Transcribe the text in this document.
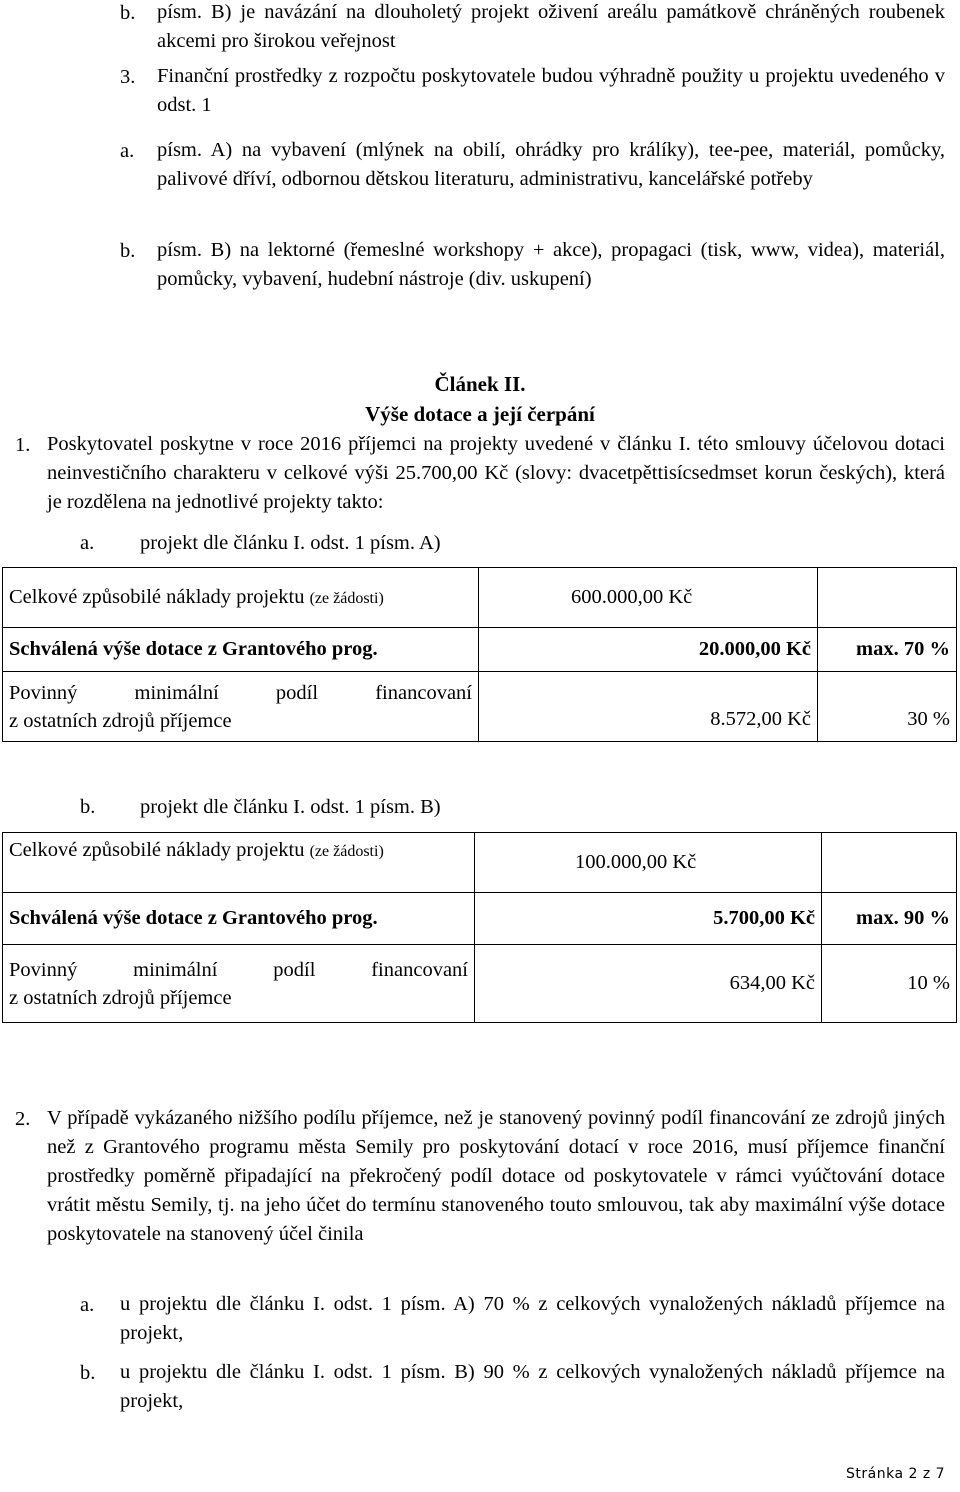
b. písm. B) je navázání na dlouholetý projekt oživení areálu památkově chráněných roubenek akcemi pro širokou veřejnost
3. Finanční prostředky z rozpočtu poskytovatele budou výhradně použity u projektu uvedeného v odst. 1
a. písm. A) na vybavení (mlýnek na obilí, ohrádky pro králíky), tee-pee, materiál, pomůcky, palivové dříví, odbornou dětskou literaturu, administrativu, kancelářské potřeby
b. písm. B) na lektorné (řemeslné workshopy + akce), propagaci (tisk, www, videa), materiál, pomůcky, vybavení, hudební nástroje (div. uskupení)
Článek II.
Výše dotace a její čerpání
1. Poskytovatel poskytne v roce 2016 příjemci na projekty uvedené v článku I. této smlouvy účelovou dotaci neinvestičního charakteru v celkové výši 25.700,00 Kč (slovy: dvacetpěttisícsedmset korun českých), která je rozdělena na jednotlivé projekty takto:
a. projekt dle článku I. odst. 1 písm. A)
Celkové způsobilé náklady projektu (ze žádosti)	600.000,00 Kč	
Schválená výše dotace z Grantového prog.	20.000,00 Kč	max. 70 %

Povinný minimální podíl financovaní
z ostatních zdrojů příjemce	8.572,00 Kč	30 %
b. projekt dle článku I. odst. 1 písm. B)
Celkové způsobilé náklady projektu (ze žádosti)	100.000,00 Kč	
Schválená výše dotace z Grantového prog.	5.700,00 Kč	max. 90 %

Povinný minimální podíl financovaní
z ostatních zdrojů příjemce	634,00 Kč	10 %
2. V případě vykázaného nižšího podílu příjemce, než je stanovený povinný podíl financování ze zdrojů jiných než z Grantového programu města Semily pro poskytování dotací v roce 2016, musí příjemce finanční prostředky poměrně připadající na překročený podíl dotace od poskytovatele v rámci vyúčtování dotace vrátit městu Semily, tj. na jeho účet do termínu stanoveného touto smlouvou, tak aby maximální výše dotace poskytovatele na stanovený účel činila
a. u projektu dle článku I. odst. 1 písm. A) 70 % z celkových vynaložených nákladů příjemce na projekt,
b. u projektu dle článku I. odst. 1 písm. B) 90 % z celkových vynaložených nákladů příjemce na projekt,
Stránka 2 z 7
